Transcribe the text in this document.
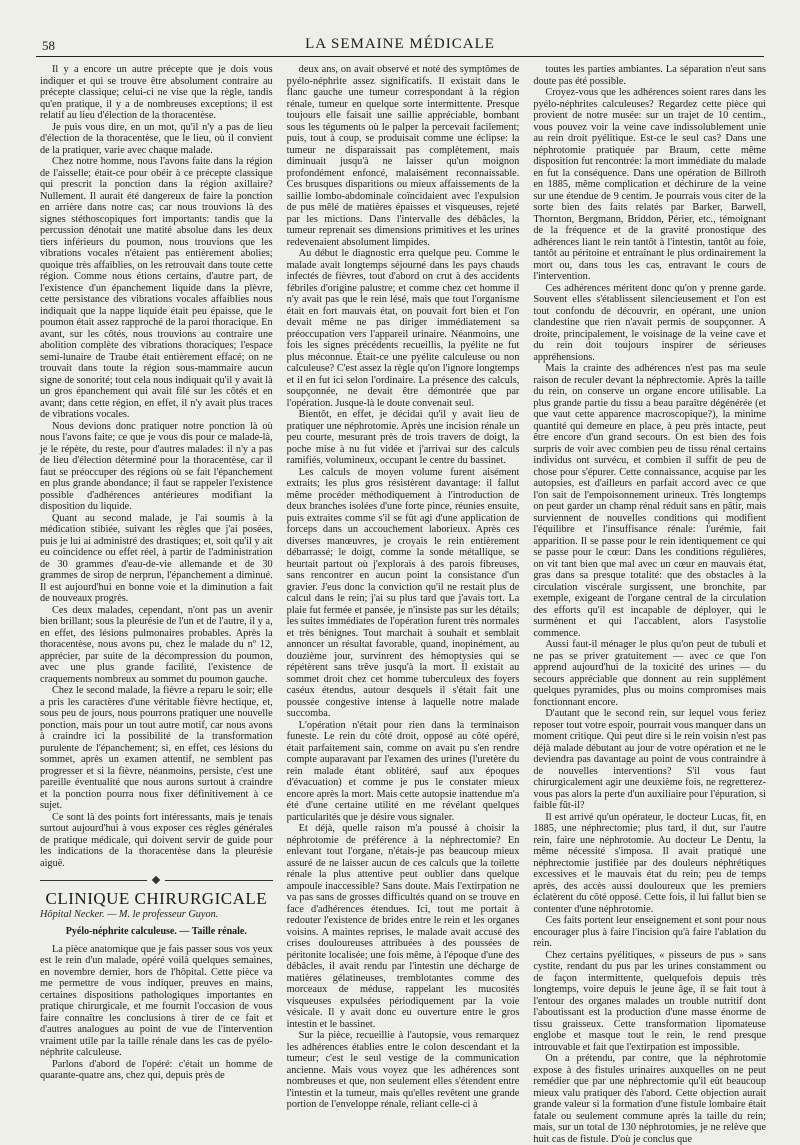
58	LA SEMAINE MÉDICALE

Il y a encore un autre précepte que je dois vous indiquer et qui se trouve être absolument contraire au précepte classique; celui-ci ne vise que la règle, tandis qu'en pratique, il y a de nombreuses exceptions; il est relatif au lieu d'élection de la thoracentèse.

Je puis vous dire, en un mot, qu'il n'y a pas de lieu d'élection de la thoracentèse, que le lieu, où il convient de la pratiquer, varie avec chaque malade.

Chez notre homme, nous l'avons faite dans la région de l'aisselle; était-ce pour obéir à ce précepte classique qui prescrit la ponction dans la région axillaire? Nullement. Il aurait été dangereux de faire la ponction en arrière dans notre cas; car nous trouvions là des signes stéthoscopiques fort importants: tandis que la percussion dénotait une matité absolue dans les deux tiers inférieurs du poumon, nous trouvions que les vibrations vocales n'étaient pas entièrement abolies; quoique très affaiblies, on les retrouvait dans toute cette région. Comme nous étions certains, d'autre part, de l'existence d'un épanchement liquide dans la plèvre, cette persistance des vibrations vocales affaiblies nous indiquait que la nappe liquide était peu épaisse, que le poumon était assez rapproché de la paroi thoracique. En avant, sur les côtés, nous trouvions au contraire une abolition complète des vibrations thoraciques; l'espace semi-lunaire de Traube était entièrement effacé; on ne trouvait dans toute la région sous-mammaire aucun signe de sonorité; tout cela nous indiquait qu'il y avait là un gros épanchement qui avait filé sur les côtés et en avant; dans cette région, en effet, il n'y avait plus traces de vibrations vocales.

Nous devions donc pratiquer notre ponction là où nous l'avons faite; ce que je vous dis pour ce malade-là, je le répète, du reste, pour d'autres malades: il n'y a pas de lieu d'élection déterminé pour la thoracentèse, car il faut se préoccuper des régions où se fait l'épanchement en plus grande abondance; il faut se rappeler l'existence possible d'adhérences antérieures modifiant la disposition du liquide.

Quant au second malade, je l'ai soumis à la médication stibiée, suivant les règles que j'ai posées, puis je lui ai administré des drastiques; et, soit qu'il y ait eu coïncidence ou effet réel, à partir de l'administration de 30 grammes d'eau-de-vie allemande et de 30 grammes de sirop de nerprun, l'épanchement a diminué. Il est aujourd'hui en bonne voie et la diminution a fait de nouveaux progrès.

Ces deux malades, cependant, n'ont pas un avenir bien brillant; sous la pleurésie de l'un et de l'autre, il y a, en effet, des lésions pulmonaires probables. Après la thoracentèse, nous avons pu, chez le malade du nº 12, apprécier, par suite de la décompression du poumon, avec une plus grande facilité, l'existence de craquements nombreux au sommet du poumon gauche.

Chez le second malade, la fièvre a reparu le soir; elle a pris les caractères d'une véritable fièvre hectique, et, sous peu de jours, nous pourrons pratiquer une nouvelle ponction, mais pour un tout autre motif, car nous avons à craindre ici la possibilité de la transformation purulente de l'épanchement; si, en effet, ces lésions du sommet, après un examen attentif, ne semblent pas progresser et si la fièvre, néanmoins, persiste, c'est une pareille éventualité que nous aurons surtout à craindre et la ponction pourra nous fixer définitivement à ce sujet.

Ce sont là des points fort intéressants, mais je tenais surtout aujourd'hui à vous exposer ces règles générales de pratique médicale, qui doivent servir de guide pour les indications de la thoracentèse dans la pleurésie aiguë.

CLINIQUE CHIRURGICALE
Hôpital Necker. — M. le professeur Guyon.
Pyélo-néphrite calculeuse. — Taille rénale.

La pièce anatomique que je fais passer sous vos yeux est le rein d'un malade, opéré voilà quelques semaines, en novembre dernier, hors de l'hôpital. Cette pièce va me permettre de vous indiquer, preuves en mains, certaines dispositions pathologiques importantes en pratique chirurgicale, et me fournit l'occasion de vous faire connaître les conclusions à tirer de ce fait et d'autres analogues au point de vue de l'intervention vraiment utile par la taille rénale dans les cas de pyélo-néphrite calculeuse.

Parlons d'abord de l'opéré: c'était un homme de quarante-quatre ans, chez qui, depuis près de

deux ans, on avait observé et noté des symptômes de pyélo-néphrite assez significatifs. Il existait dans le flanc gauche une tumeur correspondant à la région rénale, tumeur en quelque sorte intermittente. Presque toujours elle faisait une saillie appréciable, bombant sous les téguments où le palper la percevait facilement; puis, tout à coup, se produisait comme une éclipse: la tumeur ne disparaissait pas complètement, mais diminuait jusqu'à ne laisser qu'un moignon profondément enfoncé, malaisément reconnaissable. Ces brusques disparitions ou mieux affaissements de la saillie lombo-abdominale coïncidaient avec l'expulsion de pus mêlé de matières épaisses et visqueuses, rejeté par les mictions. Dans l'intervalle des débâcles, la tumeur reprenait ses dimensions primitives et les urines redevenaient absolument limpides.

Au début le diagnostic erra quelque peu. Comme le malade avait longtemps séjourné dans les pays chauds infectés de fièvres, tout d'abord on crut à des accidents fébriles d'origine palustre; et comme chez cet homme il n'y avait pas que le rein lésé, mais que tout l'organisme était en fort mauvais état, on pouvait fort bien et l'on devait même ne pas diriger immédiatement sa préoccupation vers l'appareil urinaire. Néanmoins, une fois les signes précédents recueillis, la pyélite ne fut plus méconnue. Était-ce une pyélite calculeuse ou non calculeuse? C'est assez la règle qu'on l'ignore longtemps et il en fut ici selon l'ordinaire. La présence des calculs, soupçonnée, ne devait être démontrée que par l'opération. Jusque-là le doute convenait seul.

Bientôt, en effet, je décidai qu'il y avait lieu de pratiquer une néphrotomie. Après une incision rénale un peu courte, mesurant près de trois travers de doigt, la poche mise à nu fut vidée et j'arrivai sur des calculs ramifiés, volumineux, occupant le centre du bassinet.

Les calculs de moyen volume furent aisément extraits; les plus gros résistèrent davantage: il fallut même procéder méthodiquement à l'introduction de deux branches isolées d'une forte pince, réunies ensuite, puis extraites comme s'il se fût agi d'une application de forceps dans un accouchement laborieux. Après ces diverses manœuvres, je croyais le rein entièrement débarrassé; le doigt, comme la sonde métallique, se heurtait partout où j'explorais à des parois fibreuses, sans rencontrer en aucun point la consistance d'un gravier. J'eus donc la conviction qu'il ne restait plus de calcul dans le rein; j'ai su plus tard que j'avais tort. La plaie fut fermée et pansée, je n'insiste pas sur les détails; les suites immédiates de l'opération furent très normales et très bénignes. Tout marchait à souhait et semblait annoncer un résultat favorable, quand, inopinément, au douzième jour, survinrent des hémoptysies qui se répétèrent sans trêve jusqu'à la mort. Il existait au sommet droit chez cet homme tuberculeux des foyers caséux étendus, autour desquels il s'était fait une poussée congestive intense à laquelle notre malade succomba.

L'opération n'était pour rien dans la terminaison funeste. Le rein du côté droit, opposé au côté opéré, était parfaitement sain, comme on avait pu s'en rendre compte auparavant par l'examen des urines (l'uretère du rein malade étant oblitéré, sauf aux époques d'évacuation) et comme je pus le constater mieux encore après la mort. Mais cette autopsie inattendue m'a été d'une certaine utilité en me révélant quelques particularités que je désire vous signaler.

Et déjà, quelle raison m'a poussé à choisir la néphrotomie de préférence à la néphrectomie? En enlevant tout l'organe, n'étais-je pas beaucoup mieux assuré de ne laisser aucun de ces calculs que la toilette rénale la plus attentive peut oublier dans quelque ampoule inaccessible? Sans doute. Mais l'extirpation ne va pas sans de grosses difficultés quand on se trouve en face d'adhérences étendues. Ici, tout me portait à redouter l'existence de brides entre le rein et les organes voisins. A maintes reprises, le malade avait accusé des crises douloureuses attribuées à des poussées de péritonite localisée; une fois même, à l'époque d'une des débâcles, il avait rendu par l'intestin une décharge de matières gélatineuses, tremblotantes comme des morceaux de méduse, rappelant les mucosités visqueuses expulsées périodiquement par la voie vésicale. Il y avait donc eu ouverture entre le gros intestin et le bassinet.

Sur la pièce, recueillie à l'autopsie, vous remarquez les adhérences établies entre le colon descendant et la tumeur; c'est le seul vestige de la communication ancienne. Mais vous voyez que les adhérences sont nombreuses et que, non seulement elles s'étendent entre l'intestin et la tumeur, mais qu'elles revêtent une grande portion de l'enveloppe rénale, reliant celle-ci à

toutes les parties ambiantes. La séparation n'eut sans doute pas été possible.

Croyez-vous que les adhérences soient rares dans les pyélo-néphrites calculeuses? Regardez cette pièce qui provient de notre musée: sur un trajet de 10 centim., vous pouvez voir la veine cave indissolublement unie au rein droit pyélitique. Est-ce le seul cas? Dans une néphrotomie pratiquée par Braum, cette même disposition fut rencontrée: la mort immédiate du malade en fut la conséquence. Dans une opération de Billroth en 1885, même complication et déchirure de la veine sur une étendue de 9 centim. Je pourrais vous citer de la sorte bien des faits relatés par Barker, Barwell, Thornton, Bergmann, Briddon, Périer, etc., témoignant de la fréquence et de la gravité pronostique des adhérences liant le rein tantôt à l'intestin, tantôt au foie, tantôt au péritoine et entraînant le plus ordinairement la mort ou, dans tous les cas, entravant le cours de l'intervention.

Ces adhérences méritent donc qu'on y prenne garde. Souvent elles s'établissent silencieusement et l'on est tout confondu de découvrir, en opérant, une union clandestine que rien n'avait permis de soupçonner. A droite, principalement, le voisinage de la veine cave et du rein doit toujours inspirer de sérieuses appréhensions.

Mais la crainte des adhérences n'est pas ma seule raison de reculer devant la néphrectomie. Après la taille du rein, on conserve un organe encore utilisable. La plus grande partie du tissu a beau paraître dégénérée (et que vaut cette apparence macroscopique?), la minime quantité qui demeure en place, à peu près intacte, peut être encore d'un grand secours. On est bien des fois surpris de voir avec combien peu de tissu rénal certains individus ont survécu, et combien il suffit de peu de chose pour s'épurer. Cette connaissance, acquise par les autopsies, est d'ailleurs en parfait accord avec ce que l'on sait de l'empoisonnement urineux. Très longtemps on peut garder un champ rénal réduit sans en pâtir, mais surviennent de nouvelles conditions qui modifient l'équilibre et l'insuffisance rénale: l'urémie, fait apparition. Il se passe pour le rein identiquement ce qui se passe pour le cœur: Dans les conditions régulières, on vit tant bien que mal avec un cœur en mauvais état, gras dans sa presque totalité: que des obstacles à la circulation viscérale surgissent, une bronchite, par exemple, exigeant de l'organe central de la circulation des efforts qu'il est incapable de déployer, qui le surmènent et qui l'accablent, alors l'asystolie commence.

Aussi faut-il ménager le plus qu'on peut de tubuli et ne pas se priver gratuitement — avec ce que l'on apprend aujourd'hui de la toxicité des urines — du secours appréciable que donnent au rein supplément quelques pyramides, plus ou moins compromises mais fonctionnant encore.

D'autant que le second rein, sur lequel vous feriez reposer tout votre espoir, pourrait vous manquer dans un moment critique. Qui peut dire si le rein voisin n'est pas déjà malade débutant au jour de votre opération et ne le deviendra pas davantage au point de vous contraindre à de nouvelles interventions? S'il vous faut chirurgicalement agir une deuxième fois, ne regretterez-vous pas alors la perte d'un auxiliaire pour l'épuration, si faible fût-il?

Il est arrivé qu'un opérateur, le docteur Lucas, fit, en 1885, une néphrectomie; plus tard, il dut, sur l'autre rein, faire une néphrotomie. Au docteur Le Dentu, la même nécessité s'imposa. Il avait pratiqué une néphrectomie justifiée par des douleurs néphrétiques excessives et le mauvais état du rein; peu de temps après, des accès aussi douloureux que les premiers éclatèrent du côté opposé. Cette fois, il lui fallut bien se contenter d'une néphrotomie.

Ces faits portent leur enseignement et sont pour nous encourager plus à faire l'incision qu'à faire l'ablation du rein.

Chez certains pyélitiques, « pisseurs de pus » sans cystite, rendant du pus par les urines constamment ou de façon intermittente, quelquefois depuis très longtemps, voire depuis le jeune âge, il se fait tout à l'entour des organes malades un trouble nutritif dont l'aboutissant est la production d'une masse énorme de tissu graisseux. Cette transformation lipomateuse englobe et masque tout le rein, le rend presque introuvable et fait que l'extirpation est impossible.

On a prétendu, par contre, que la néphrotomie expose à des fistules urinaires auxquelles on ne peut remédier que par une néphrectomie qu'il eût beaucoup mieux valu pratiquer dès l'abord. Cette objection aurait grande valeur si la formation d'une fistule lombaire était fatale ou seulement commune après la taille du rein; mais, sur un total de 130 néphrotomies, je ne relève que huit cas de fistule. D'où je conclus que
